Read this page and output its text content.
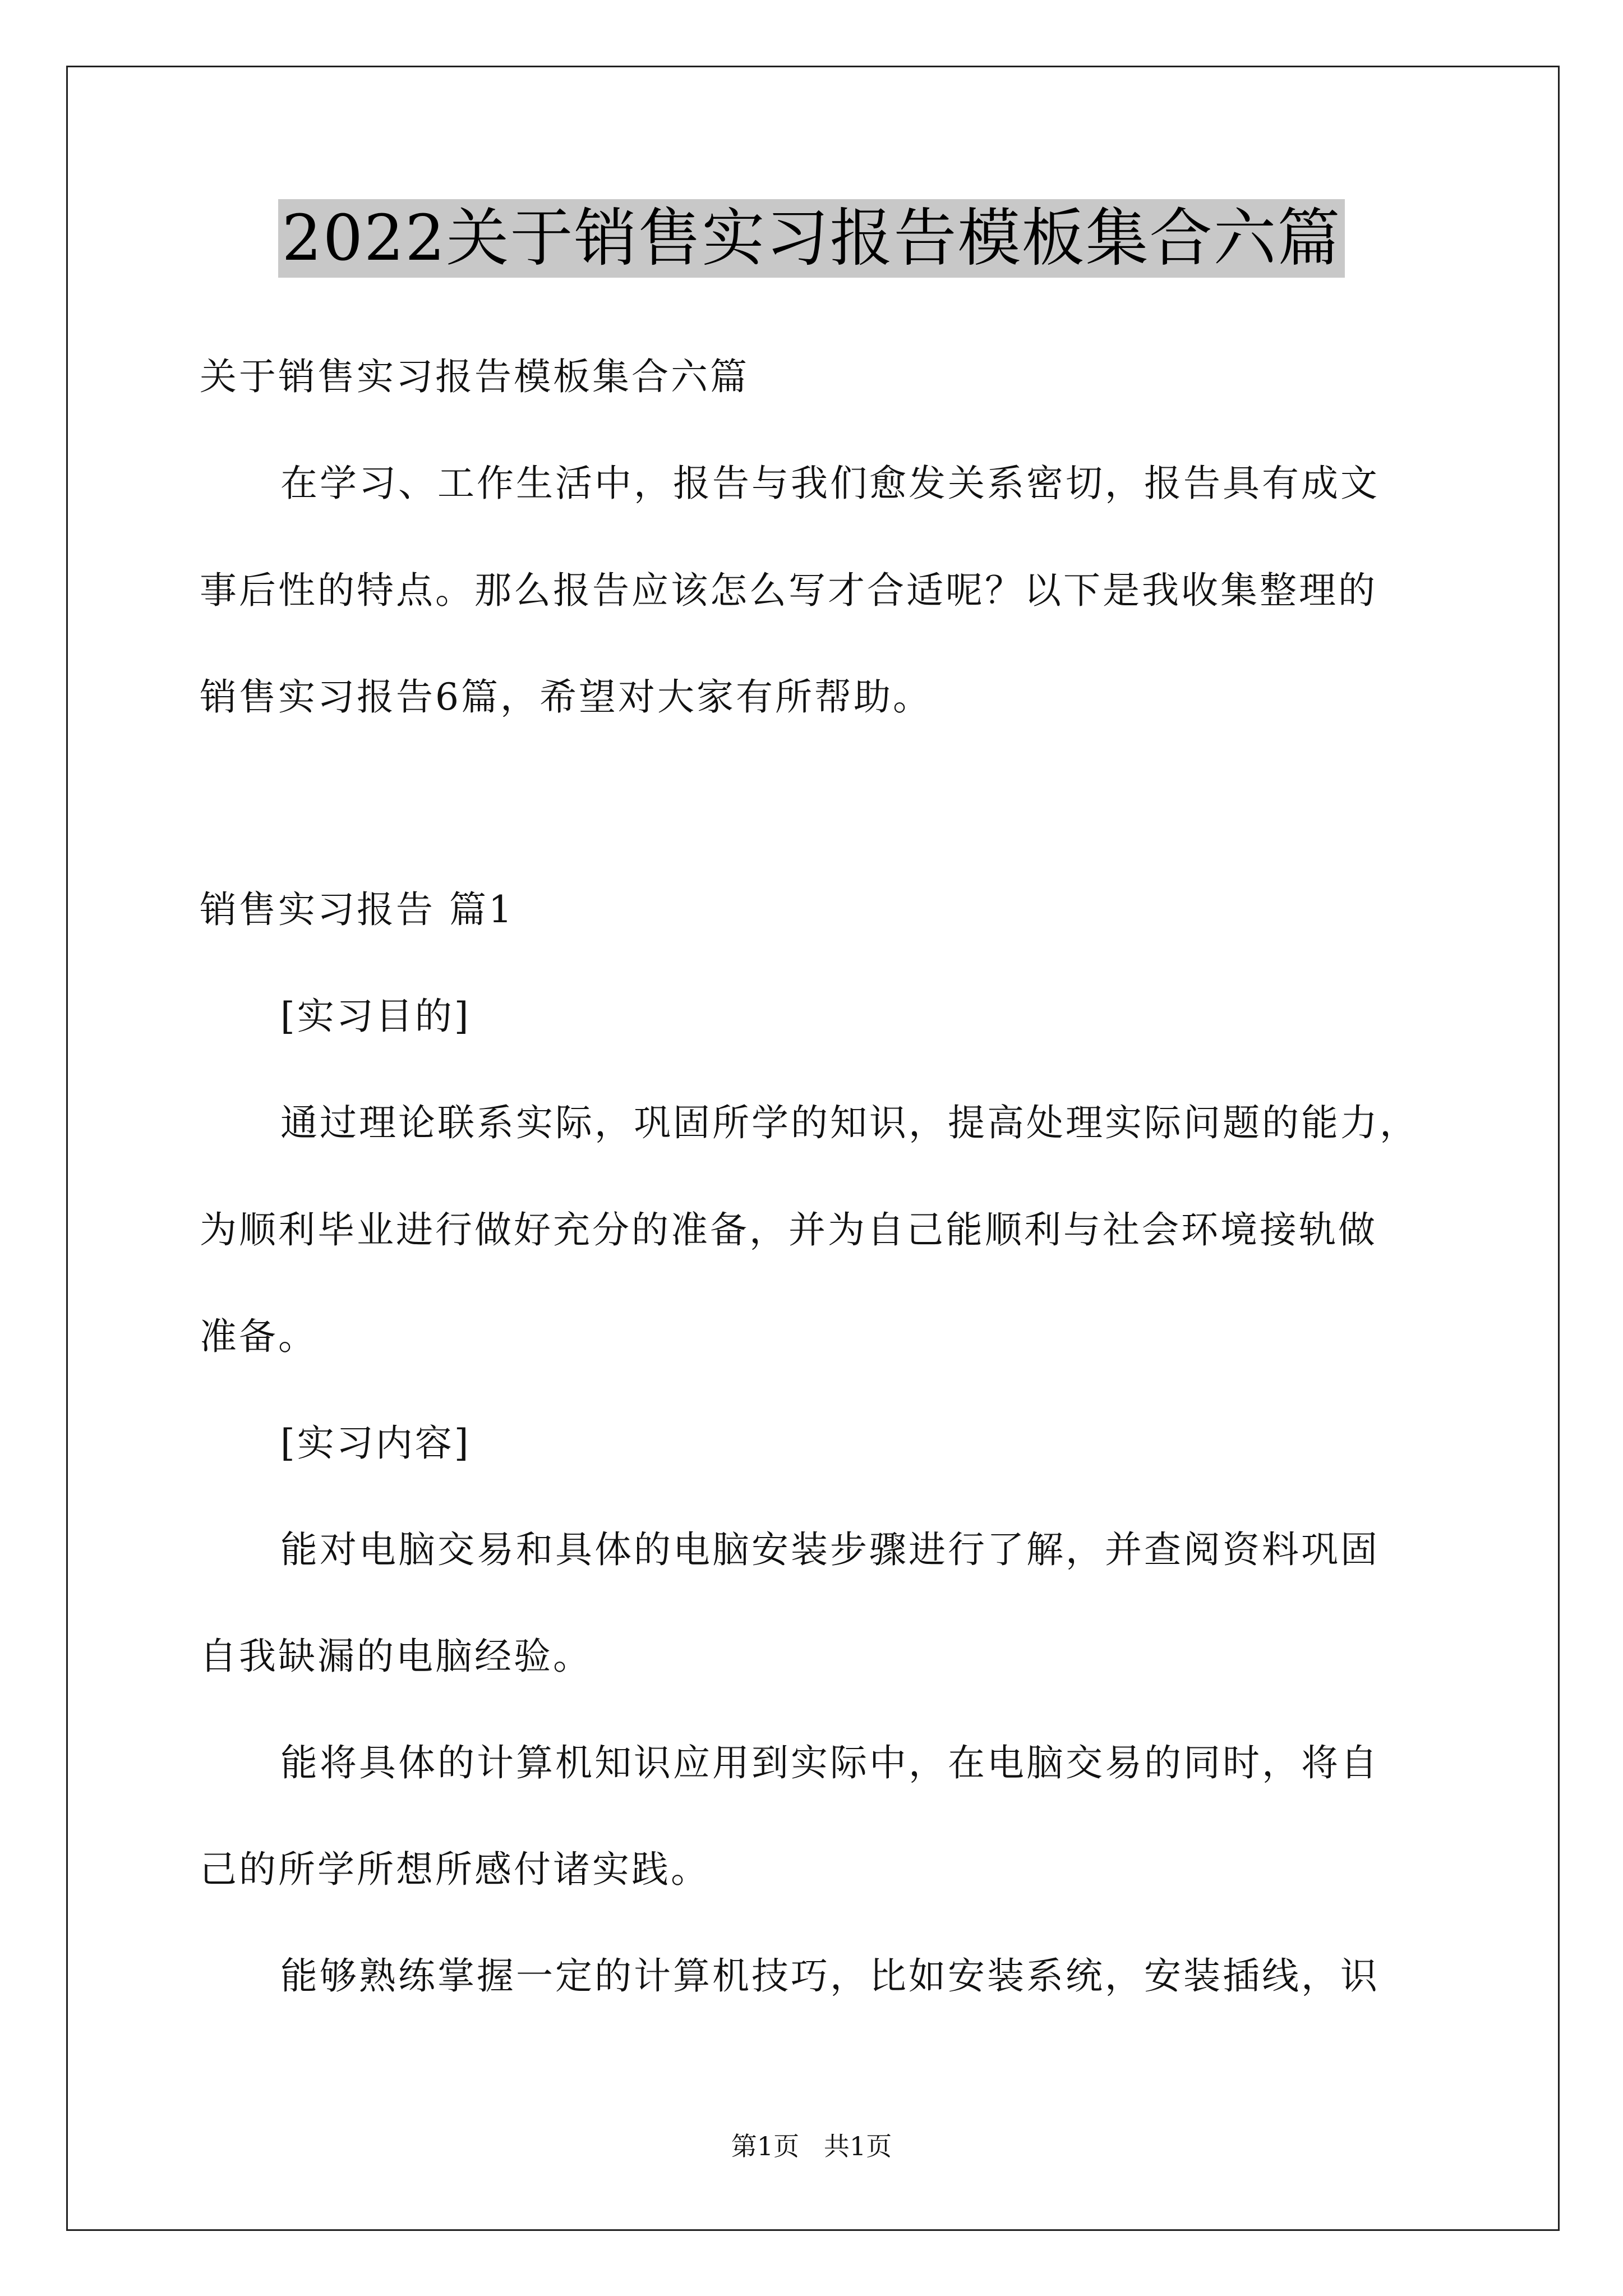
2022关于销售实习报告模板集合六篇
关于销售实习报告模板集合六篇
在学习、工作生活中，报告与我们愈发关系密切，报告具有成文
事后性的特点。那么报告应该怎么写才合适呢？以下是我收集整理的
销售实习报告6篇，希望对大家有所帮助。
销售实习报告 篇1
[实习目的]
通过理论联系实际，巩固所学的知识，提高处理实际问题的能力，
为顺利毕业进行做好充分的准备，并为自己能顺利与社会环境接轨做
准备。
[实习内容]
能对电脑交易和具体的电脑安装步骤进行了解，并查阅资料巩固
自我缺漏的电脑经验。
能将具体的计算机知识应用到实际中，在电脑交易的同时，将自
己的所学所想所感付诸实践。
能够熟练掌握一定的计算机技巧，比如安装系统，安装插线，识
第1页   共1页
